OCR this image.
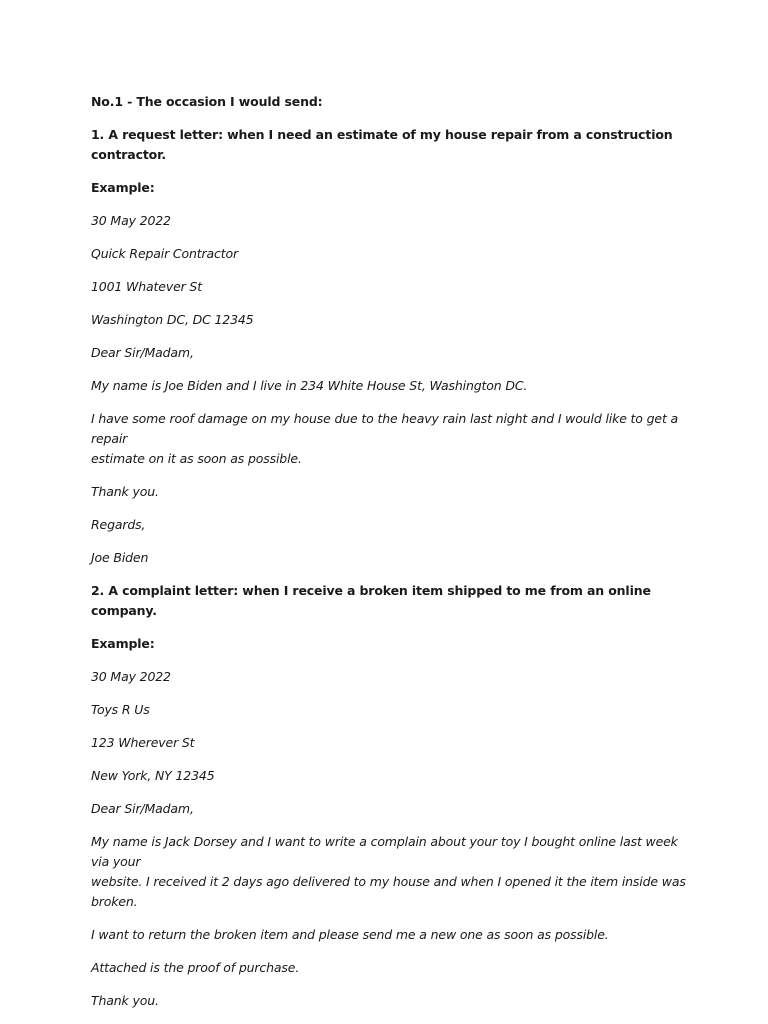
No.1 - The occasion I would send:

1. A request letter: when I need an estimate of my house repair from a construction contractor.

Example:

30 May 2022

Quick Repair Contractor

1001 Whatever St

Washington DC, DC 12345

Dear Sir/Madam,

My name is Joe Biden and I live in 234 White House St, Washington DC.

I have some roof damage on my house due to the heavy rain last night and I would like to get a repair
estimate on it as soon as possible.

Thank you.

Regards,

Joe Biden

2. A complaint letter: when I receive a broken item shipped to me from an online company.

Example:

30 May 2022

Toys R Us

123 Wherever St

New York, NY 12345

Dear Sir/Madam,

My name is Jack Dorsey and I want to write a complain about your toy I bought online last week via your
website. I received it 2 days ago delivered to my house and when I opened it the item inside was broken.

I want to return the broken item and please send me a new one as soon as possible.

Attached is the proof of purchase.

Thank you.
